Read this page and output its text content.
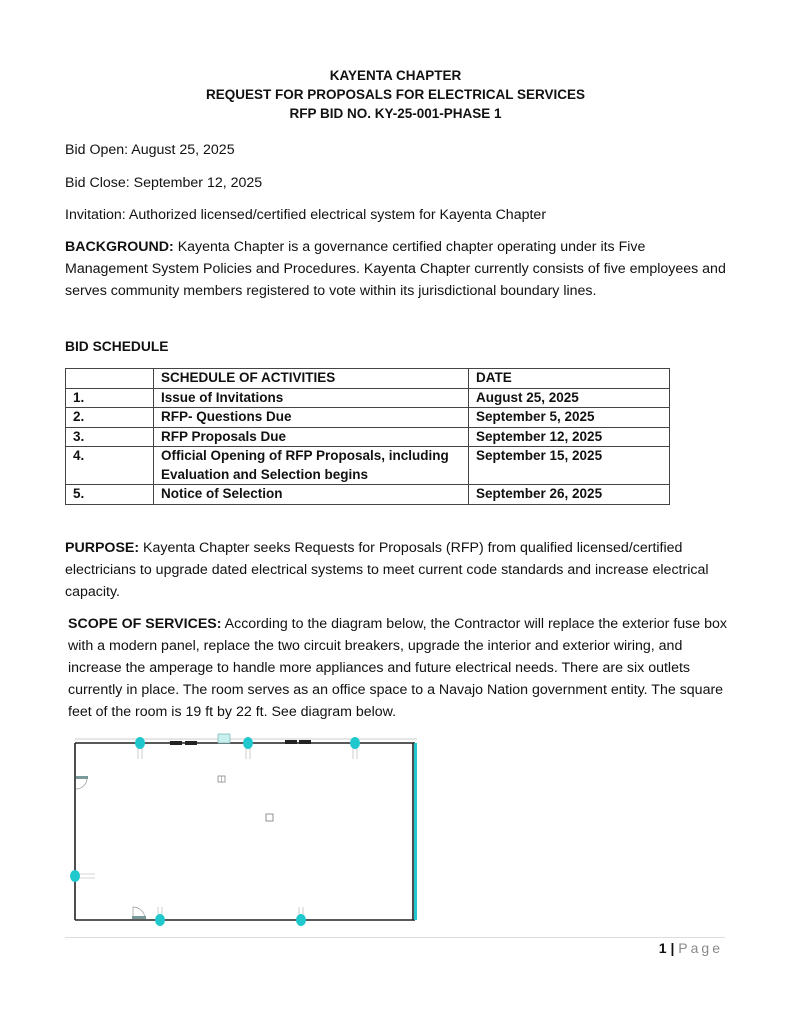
KAYENTA CHAPTER
REQUEST FOR PROPOSALS FOR ELECTRICAL SERVICES
RFP BID NO. KY-25-001-PHASE 1

Bid Open: August 25, 2025

Bid Close: September 12, 2025

Invitation: Authorized licensed/certified electrical system for Kayenta Chapter

BACKGROUND: Kayenta Chapter is a governance certified chapter operating under its Five Management System Policies and Procedures. Kayenta Chapter currently consists of five employees and serves community members registered to vote within its jurisdictional boundary lines.

BID SCHEDULE

	SCHEDULE OF ACTIVITIES	DATE
1.	Issue of Invitations	August 25, 2025
2.	RFP- Questions Due	September 5, 2025
3.	RFP Proposals Due	September 12, 2025
4.	Official Opening of RFP Proposals, including Evaluation and Selection begins	September 15, 2025
5.	Notice of Selection	September 26, 2025

PURPOSE: Kayenta Chapter seeks Requests for Proposals (RFP) from qualified licensed/certified electricians to upgrade dated electrical systems to meet current code standards and increase electrical capacity.

SCOPE OF SERVICES: According to the diagram below, the Contractor will replace the exterior fuse box with a modern panel, replace the two circuit breakers, upgrade the interior and exterior wiring, and increase the amperage to handle more appliances and future electrical needs. There are six outlets currently in place. The room serves as an office space to a Navajo Nation government entity. The square feet of the room is 19 ft by 22 ft. See diagram below.

1 | Page
